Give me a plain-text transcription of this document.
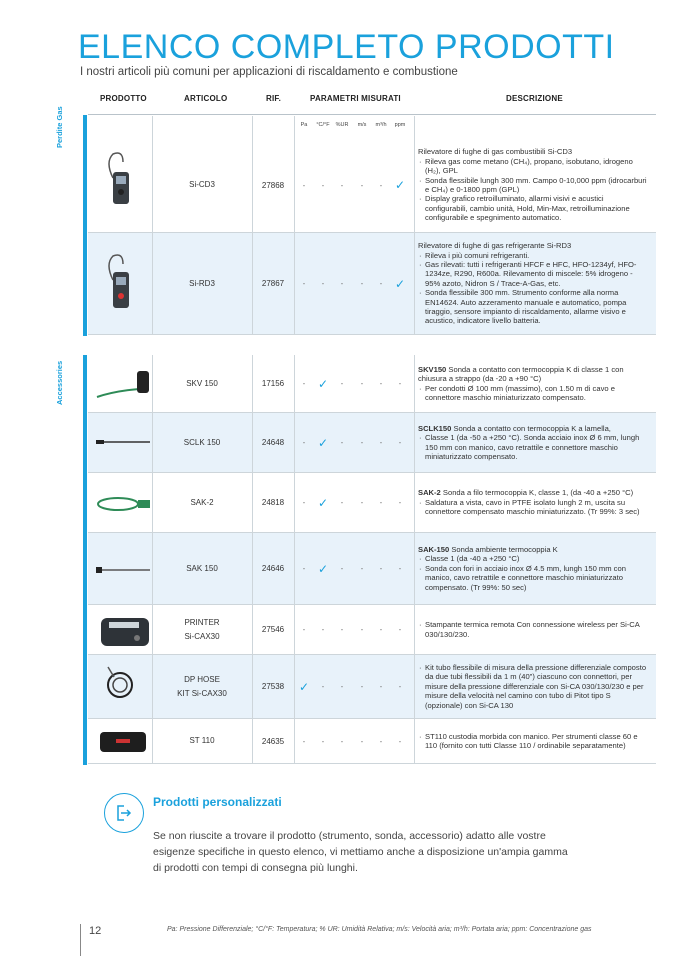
ELENCO COMPLETO PRODOTTI
I nostri articoli più comuni per applicazioni di riscaldamento e combustione
PRODOTTO	ARTICOLO	RIF.	PARAMETRI MISURATI	DESCRIZIONE
Perdite Gas
Accessories
Pa	°C/°F %UR	m/s	m³/h	ppm
Si-CD3	27868	-	-	-	-	-	✓
Rilevatore di fughe di gas combustibili Si-CD3
· Rileva gas come metano (CH₄), propano, isobutano, idrogeno (H₂), GPL
· Sonda flessibile lungh 300 mm. Campo 0-10,000 ppm (idrocarburi e CH₄) e 0-1800 ppm (GPL)
· Display grafico retroilluminato, allarmi visivi e acustici configurabili, cambio unità, Hold, Min-Max, retroilluminazione configurabile e spegnimento automatico.
Si-RD3	27867	-	-	-	-	-	✓
Rilevatore di fughe di gas refrigerante Si-RD3
· Rileva i più comuni refrigeranti.
· Gas rilevati: tutti i refrigeranti HFCF e HFC, HFO-1234yf, HFO-1234ze, R290, R600a. Rilevamento di miscele: 5% idrogeno - 95% azoto, Nidron S / Trace-A-Gas, etc.
· Sonda flessibile 300 mm. Strumento conforme alla norma EN14624. Auto azzeramento manuale e automatico, pompa tiraggio, sensore impianto di riscaldamento, allarme visivo e acustico, indicatore livello batteria.
SKV 150	17156	-	✓	-	-	-	-
SKV150 Sonda a contatto con termocoppia K di classe 1 con chiusura a strappo (da -20 a +90 °C)
· Per condotti Ø 100 mm (massimo), con 1.50 m di cavo e connettore maschio miniaturizzato compensato.
SCLK 150	24648	-	✓	-	-	-	-
SCLK150 Sonda a contatto con termocoppia K a lamella,
· Classe 1 (da -50 a +250 °C). Sonda acciaio inox Ø 6 mm, lungh 150 mm con manico, cavo retrattile e connettore maschio miniaturizzato compensato.
SAK-2	24818	-	✓	-	-	-	-
SAK-2 Sonda a filo termocoppia K, classe 1, (da -40 a +250 °C)
· Saldatura a vista, cavo in PTFE isolato lungh 2 m, uscita su connettore compensato maschio miniaturizzato. (Tr 99%: 3 sec)
SAK 150	24646	-	✓	-	-	-	-
SAK-150 Sonda ambiente termocoppia K
· Classe 1 (da -40 a +250 °C)
· Sonda con fori in acciaio inox Ø 4.5 mm, lungh 150 mm con manico, cavo retrattile e connettore maschio miniaturizzato compensato. (Tr 99%: 50 sec)
PRINTER
Si-CAX30
27546	-	-	-	-	-	-
· Stampante termica remota Con connessione wireless per Si-CA 030/130/230.
DP HOSE
KIT Si-CAX30
27538	✓	-	-	-	-	-
· Kit tubo flessibile di misura della pressione differenziale composto da due tubi flessibili da 1 m (40") ciascuno con connettori, per misure della pressione differenziale con Si-CA 030/130/230 e per misure della velocità nel camino con tubo di Pitot tipo S (opzionale) con Si-CA 130
ST 110	24635	-	-	-	-	-	-
· ST110 custodia morbida con manico. Per strumenti classe 60 e 110 (fornito con tutti Classe 110 / ordinabile separatamente)
Prodotti personalizzati
Se non riuscite a trovare il prodotto (strumento, sonda, accessorio) adatto alle vostre esigenze specifiche in questo elenco, vi mettiamo anche a disposizione un'ampia gamma di prodotti con tempi di consegna più lunghi.
12	Pa: Pressione Differenziale; °C/°F: Temperatura; % UR: Umidità Relativa; m/s: Velocità aria; m³/h: Portata aria; ppm: Concentrazione gas
